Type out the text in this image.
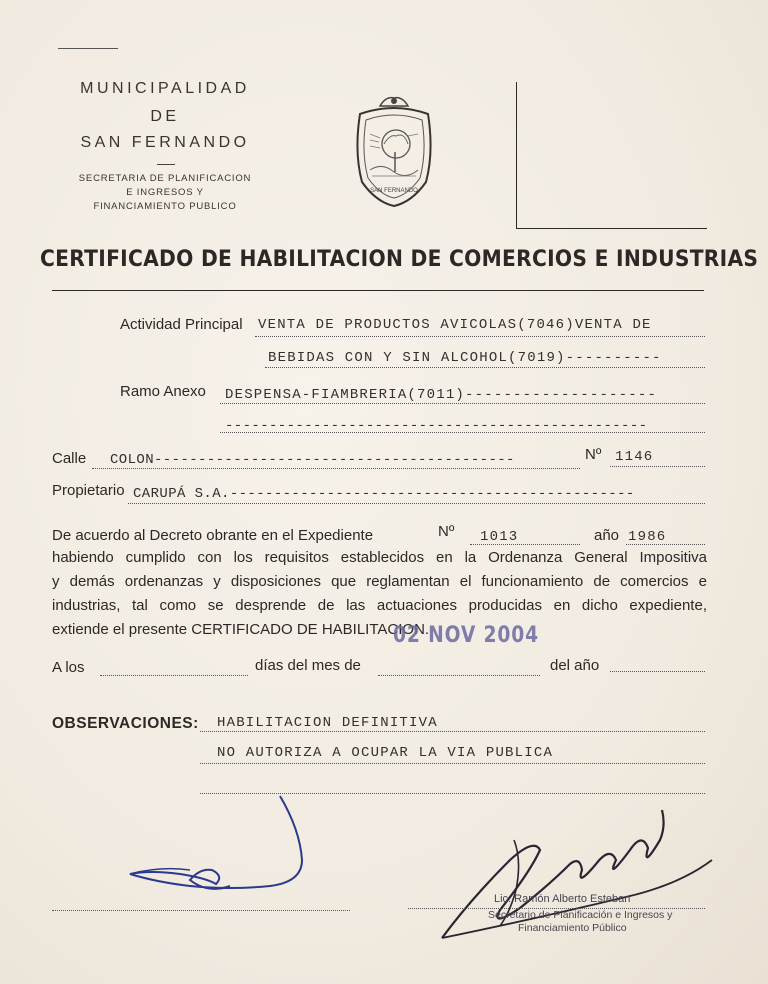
MUNICIPALIDAD
DE
SAN FERNANDO
SECRETARIA DE PLANIFICACION
E INGRESOS Y
FINANCIAMIENTO PUBLICO
SAN FERNANDO
CERTIFICADO DE HABILITACION DE COMERCIOS E INDUSTRIAS
Actividad Principal VENTA DE PRODUCTOS AVICOLAS(7046)VENTA DE
BEBIDAS CON Y SIN ALCOHOL(7019)----------
Ramo Anexo DESPENSA-FIAMBRERIA(7011)--------------------
------------------------------------------------
Calle COLON-----------------------------------------	Nº 1146
Propietario CARUPÁ S.A.----------------------------------------------
De acuerdo al Decreto obrante en el Expediente	Nº 1013	año 1986
habiendo cumplido con los requisitos establecidos en la Ordenanza General Impositiva
y demás ordenanzas y disposiciones que reglamentan el funcionamiento de comercios e
industrias, tal como se desprende de las actuaciones producidas en dicho expediente,
extiende el presente CERTIFICADO DE HABILITACION.
02 NOV 2004
A los	días del mes de	del año
OBSERVACIONES: HABILITACION DEFINITIVA
NO AUTORIZA A OCUPAR LA VIA PUBLICA
Lic. Ramón Alberto Esteban
Secretario de Planificación e Ingresos y
Financiamiento Público
